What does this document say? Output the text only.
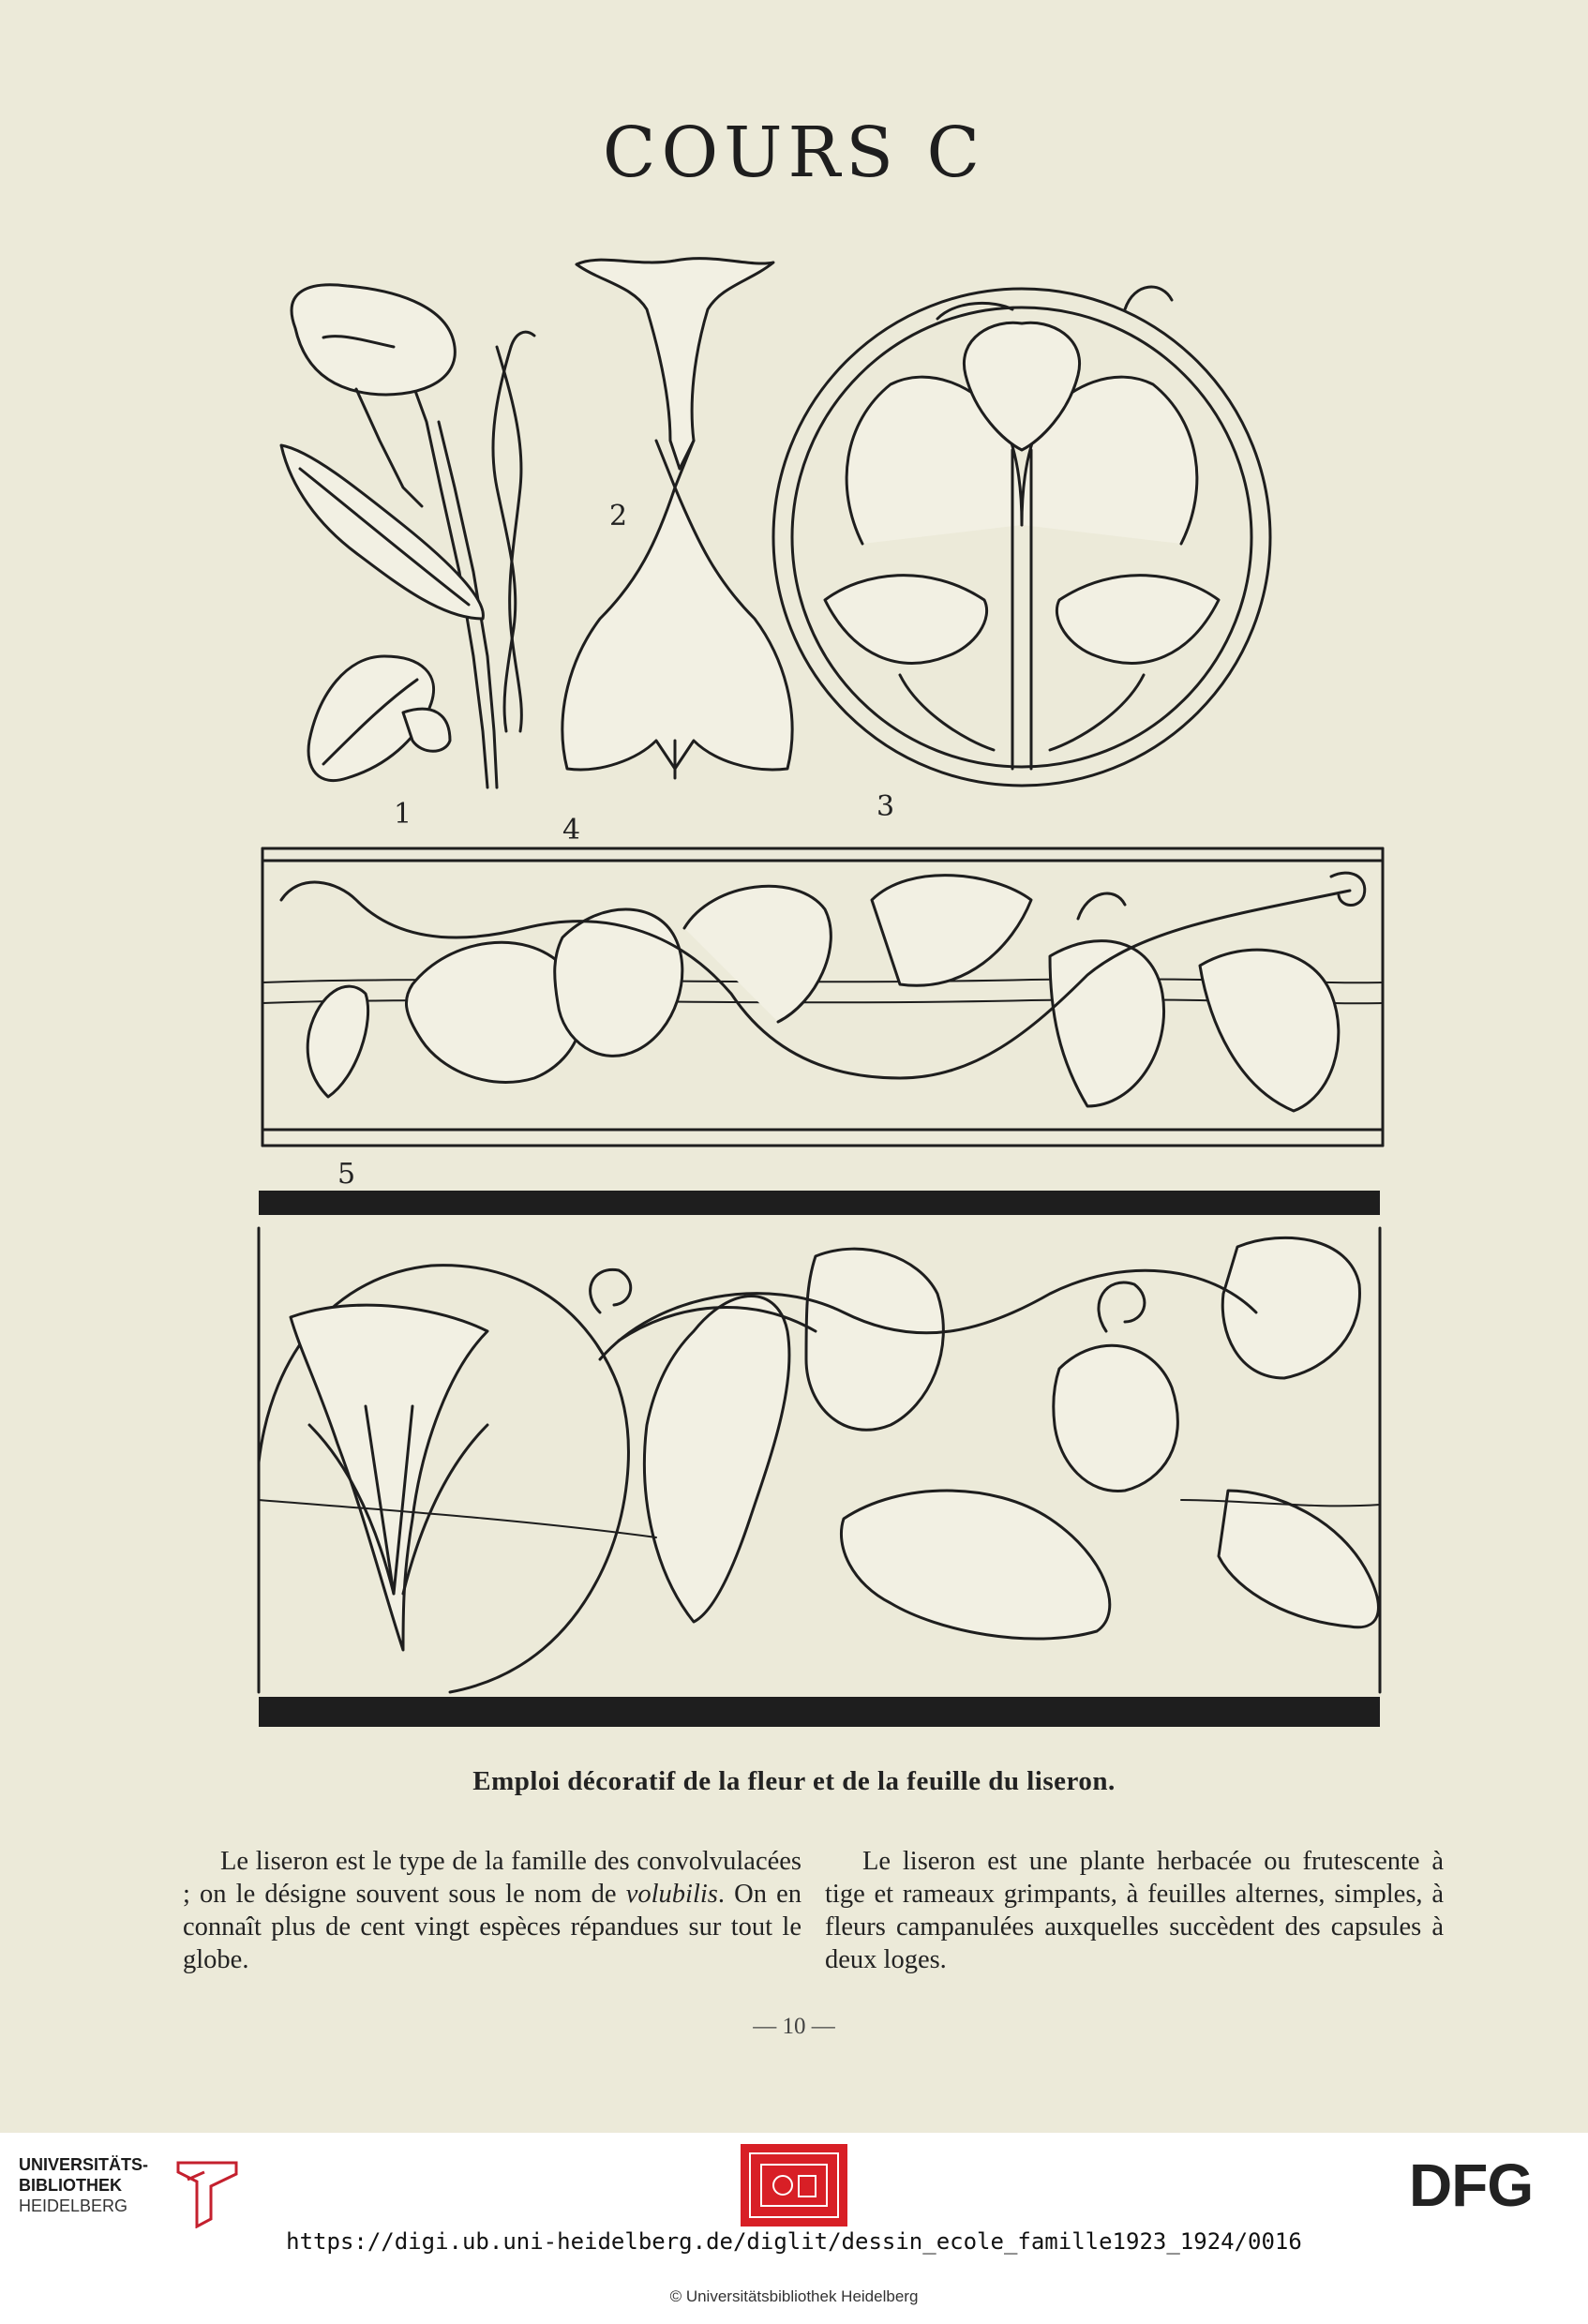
COURS C
1
2
3
4
5
Emploi décoratif de la fleur et de la feuille du liseron.

Le liseron est le type de la famille des convolvulacées ; on le désigne souvent sous le nom de volubilis. On en connaît plus de cent vingt espèces répandues sur tout le globe.

Le liseron est une plante herbacée ou frutescente à tige et rameaux grimpants, à feuilles alternes, simples, à fleurs campanulées auxquelles succèdent des capsules à deux loges.

— 10 —
UNIVERSITÄTS-
BIBLIOTHEK
HEIDELBERG	DFG
https://digi.ub.uni-heidelberg.de/diglit/dessin_ecole_famille1923_1924/0016
© Universitätsbibliothek Heidelberg
